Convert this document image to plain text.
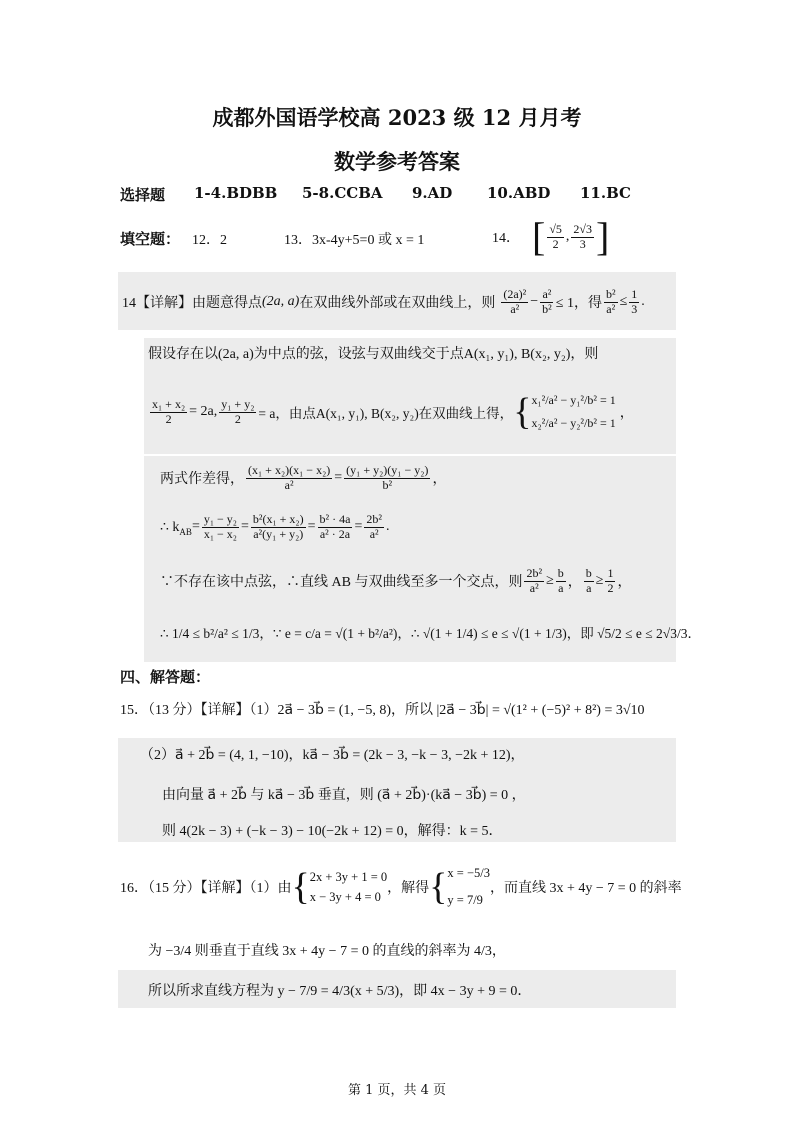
成都外国语学校高 2023 级 12 月月考
数学参考答案
选择题 1-4.BDBB 5-8.CCBA 9.AD 10.ABD 11.BC
填空题： 12．2	13．3x-4y+5=0 或 x = 1	14． [ $\frac{√5}{2}$ , $\frac{2√3}{3}$ ]
14【详解】由题意得点 (2a, a) 在双曲线外部或在双曲线上，则 $\frac{\text{(2a)²}}{\text{a²}} - \frac{\text{a²}}{\text{b²}} \le 1$，得 $\frac{\text{b²}}{\text{a²}} \le \frac{1}{3}$ .
假设存在以(2a, a)为中点的弦，设弦与双曲线交于点A(x₁, y₁), B(x₂, y₂)，则
$\frac{\text{x₁ + x₂}}{2} = 2a$, $\frac{\text{y₁ + y₂}}{2} = a$，由点A(x₁, y₁), B(x₂, y₂)在双曲线上得， { x₁²/a² − y₁²/b² = 1
x₂²/a² − y₂²/b² = 1
，
两式作差得， $\frac{\text{(x₁ + x₂)(x₁ − x₂)}}{\text{a²}} = \frac{\text{(y₁ + y₂)(y₁ − y₂)}}{\text{b²}}$ ，
∴ $k_{AB} = \frac{\text{y₁ − y₂}}{\text{x₁ − x₂}} = \frac{\text{b²(x₁ + x₂)}}{\text{a²(y₁ + y₂)}} = \frac{\text{b² · 4a}}{\text{a² · 2a}} = \frac{\text{2b²}}{\text{a²}}$ .
∵不存在该中点弦，∴直线 AB 与双曲线至多一个交点，则 $\frac{\text{2b²}}{\text{a²}} \ge \frac{b}{a}$ ， $\frac{b}{a} \ge \frac{1}{2}$ ，
∴ 1/4 ≤ b²/a² ≤ 1/3，∵ e = c/a = √(1 + b²/a²)，∴ √(1 + 1/4) ≤ e ≤ √(1 + 1/3)，即 √5/2 ≤ e ≤ 2√3/3．
四、解答题：
15．（13 分）【详解】（1）2a⃗ − 3b⃗ = (1, −5, 8)，所以 |2a⃗ − 3b⃗| = √(1² + (−5)² + 8²) = 3√10
（2）a⃗ + 2b⃗ = (4, 1, −10)，ka⃗ − 3b⃗ = (2k − 3, −k − 3, −2k + 12)，
由向量 a⃗ + 2b⃗ 与 ka⃗ − 3b⃗ 垂直，则 (a⃗ + 2b⃗)·(ka⃗ − 3b⃗) = 0 ，
则 4(2k − 3) + (−k − 3) − 10(−2k + 12) = 0，解得：k = 5．
16．（15 分）【详解】（1）由 { 2x + 3y + 1 = 0
x − 3y + 4 = 0
，解得 { x = −5/3
y = 7/9
，而直线 3x + 4y − 7 = 0 的斜率
为 −3/4 则垂直于直线 3x + 4y − 7 = 0 的直线的斜率为 4/3，
所以所求直线方程为 y − 7/9 = 4/3(x + 5/3)，即 4x − 3y + 9 = 0．
第 1 页，共 4 页
